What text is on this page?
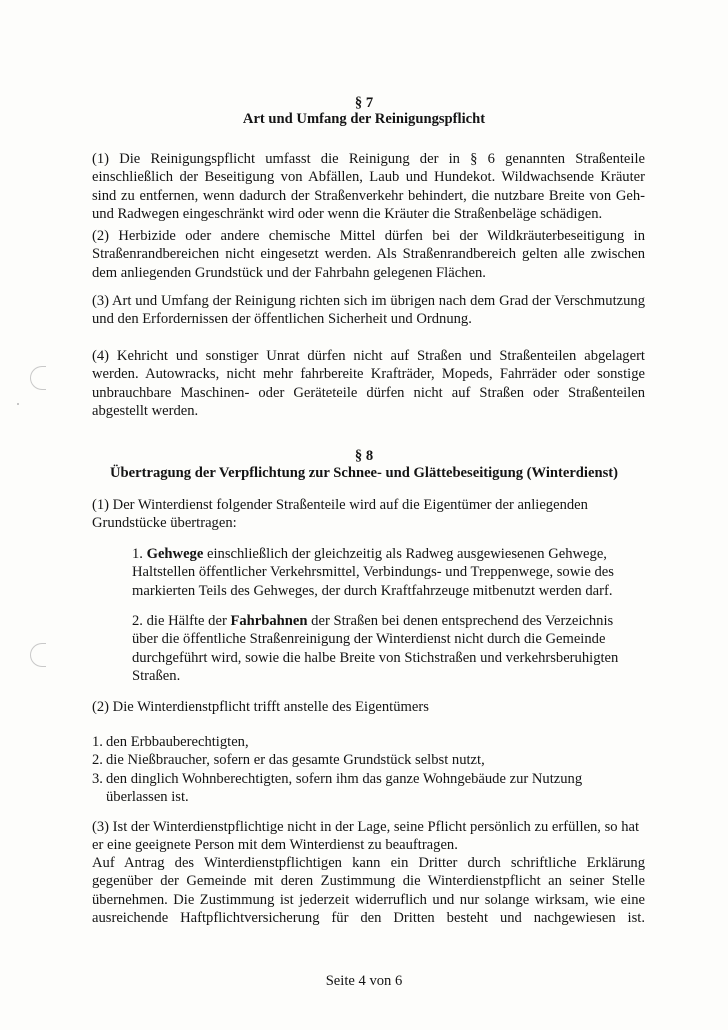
§ 7
Art und Umfang der Reinigungspflicht
(1) Die Reinigungspflicht umfasst die Reinigung der in § 6 genannten Straßenteile einschließlich der Beseitigung von Abfällen, Laub und Hundekot. Wildwachsende Kräuter sind zu entfernen, wenn dadurch der Straßenverkehr behindert, die nutzbare Breite von Geh- und Radwegen eingeschränkt wird oder wenn die Kräuter die Straßenbeläge schädigen.
(2) Herbizide oder andere chemische Mittel dürfen bei der Wildkräuterbeseitigung in Straßenrandbereichen nicht eingesetzt werden. Als Straßenrandbereich gelten alle zwischen dem anliegenden Grundstück und der Fahrbahn gelegenen Flächen.
(3) Art und Umfang der Reinigung richten sich im übrigen nach dem Grad der Verschmutzung und den Erfordernissen der öffentlichen Sicherheit und Ordnung.
(4) Kehricht und sonstiger Unrat dürfen nicht auf Straßen und Straßenteilen abgelagert werden. Autowracks, nicht mehr fahrbereite Krafträder, Mopeds, Fahrräder oder sonstige unbrauchbare Maschinen- oder Geräteteile dürfen nicht auf Straßen oder Straßenteilen abgestellt werden.
§ 8
Übertragung der Verpflichtung zur Schnee- und Glättebeseitigung (Winterdienst)
(1) Der Winterdienst folgender Straßenteile wird auf die Eigentümer der anliegenden Grundstücke übertragen:
1. Gehwege einschließlich der gleichzeitig als Radweg ausgewiesenen Gehwege, Haltstellen öffentlicher Verkehrsmittel, Verbindungs- und Treppenwege, sowie des markierten Teils des Gehweges, der durch Kraftfahrzeuge mitbenutzt werden darf.
2. die Hälfte der Fahrbahnen der Straßen bei denen entsprechend des Verzeichnis über die öffentliche Straßenreinigung der Winterdienst nicht durch die Gemeinde durchgeführt wird, sowie die halbe Breite von Stichstraßen und verkehrsberuhigten Straßen.
(2) Die Winterdienstpflicht trifft anstelle des Eigentümers
1. den Erbbauberechtigten,
2. die Nießbraucher, sofern er das gesamte Grundstück selbst nutzt,
3. den dinglich Wohnberechtigten, sofern ihm das ganze Wohngebäude zur Nutzung überlassen ist.
(3) Ist der Winterdienstpflichtige nicht in der Lage, seine Pflicht persönlich zu erfüllen, so hat er eine geeignete Person mit dem Winterdienst zu beauftragen.
Auf Antrag des Winterdienstpflichtigen kann ein Dritter durch schriftliche Erklärung gegenüber der Gemeinde mit deren Zustimmung die Winterdienstpflicht an seiner Stelle übernehmen. Die Zustimmung ist jederzeit widerruflich und nur solange wirksam, wie eine ausreichende Haftpflichtversicherung für den Dritten besteht und nachgewiesen ist.
Seite 4 von 6
